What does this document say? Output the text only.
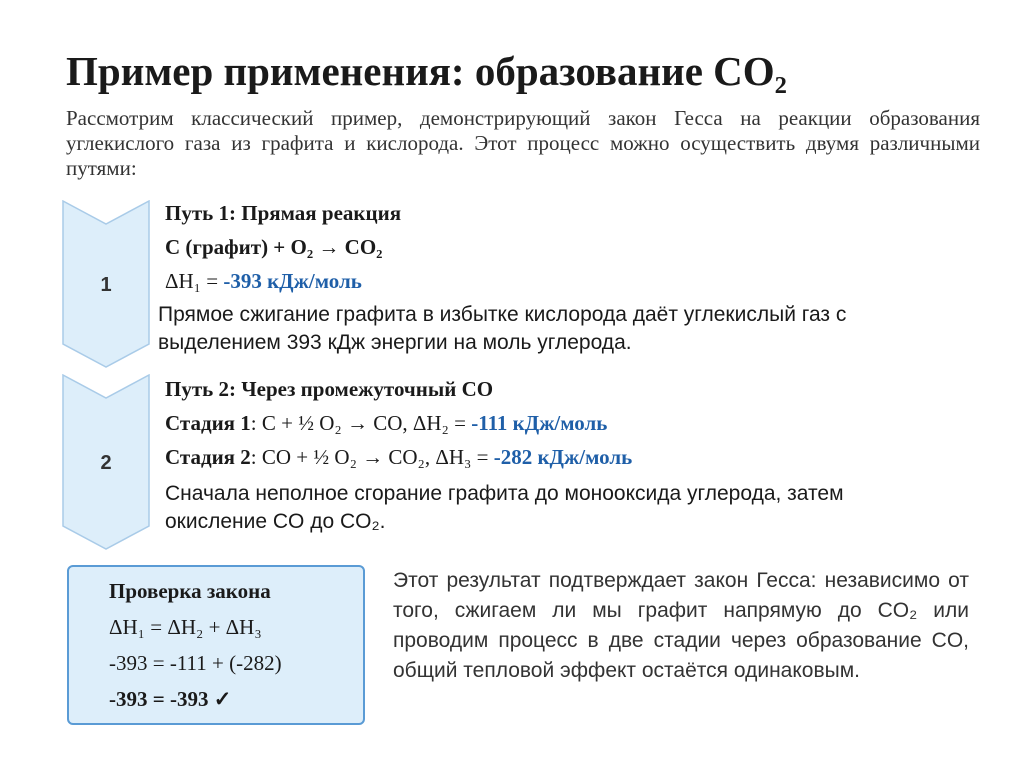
Пример применения: образование CO₂
Рассмотрим классический пример, демонстрирующий закон Гесса на реакции образования углекислого газа из графита и кислорода. Этот процесс можно осуществить двумя различными путями:
1
Путь 1: Прямая реакция
C (графит) + O₂ → CO₂
ΔH₁ = -393 кДж/моль
Прямое сжигание графита в избытке кислорода даёт углекислый газ с выделением 393 кДж энергии на моль углерода.
2
Путь 2: Через промежуточный CO
Стадия 1: C + ½ O₂ → CO, ΔH₂ = -111 кДж/моль
Стадия 2: CO + ½ O₂ → CO₂, ΔH₃ = -282 кДж/моль
Сначала неполное сгорание графита до монооксида углерода, затем окисление CO до CO₂.
Проверка закона
ΔH₁ = ΔH₂ + ΔH₃
-393 = -111 + (-282)
-393 = -393 ✓
Этот результат подтверждает закон Гесса: независимо от того, сжигаем ли мы графит напрямую до CO₂ или проводим процесс в две стадии через образование CO, общий тепловой эффект остаётся одинаковым.
